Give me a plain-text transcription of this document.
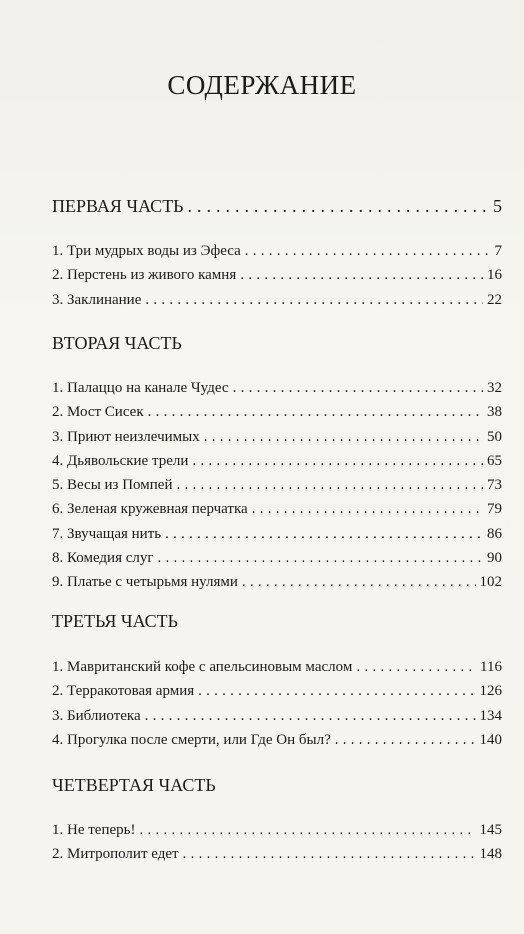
СОДЕРЖАНИЕ
ПЕРВАЯ ЧАСТЬ . . .	5
1. Три мудрых воды из Эфеса . . .	7
2. Перстень из живого камня . . .	16
3. Заклинание . . .	22
ВТОРАЯ ЧАСТЬ
1. Палаццо на канале Чудес . . .	32
2. Мост Сисек . . .	38
3. Приют неизлечимых . . .	50
4. Дьявольские трели . . .	65
5. Весы из Помпей . . .	73
6. Зеленая кружевная перчатка . . .	79
7. Звучащая нить . . .	86
8. Комедия слуг . . .	90
9. Платье с четырьмя нулями . . .	102
ТРЕТЬЯ ЧАСТЬ
1. Мавританский кофе с апельсиновым маслом . . .	116
2. Терракотовая армия . . .	126
3. Библиотека . . .	134
4. Прогулка после смерти, или Где Он был? . . .	140
ЧЕТВЕРТАЯ ЧАСТЬ
1. Не теперь! . . .	145
2. Митрополит едет . . .	148
